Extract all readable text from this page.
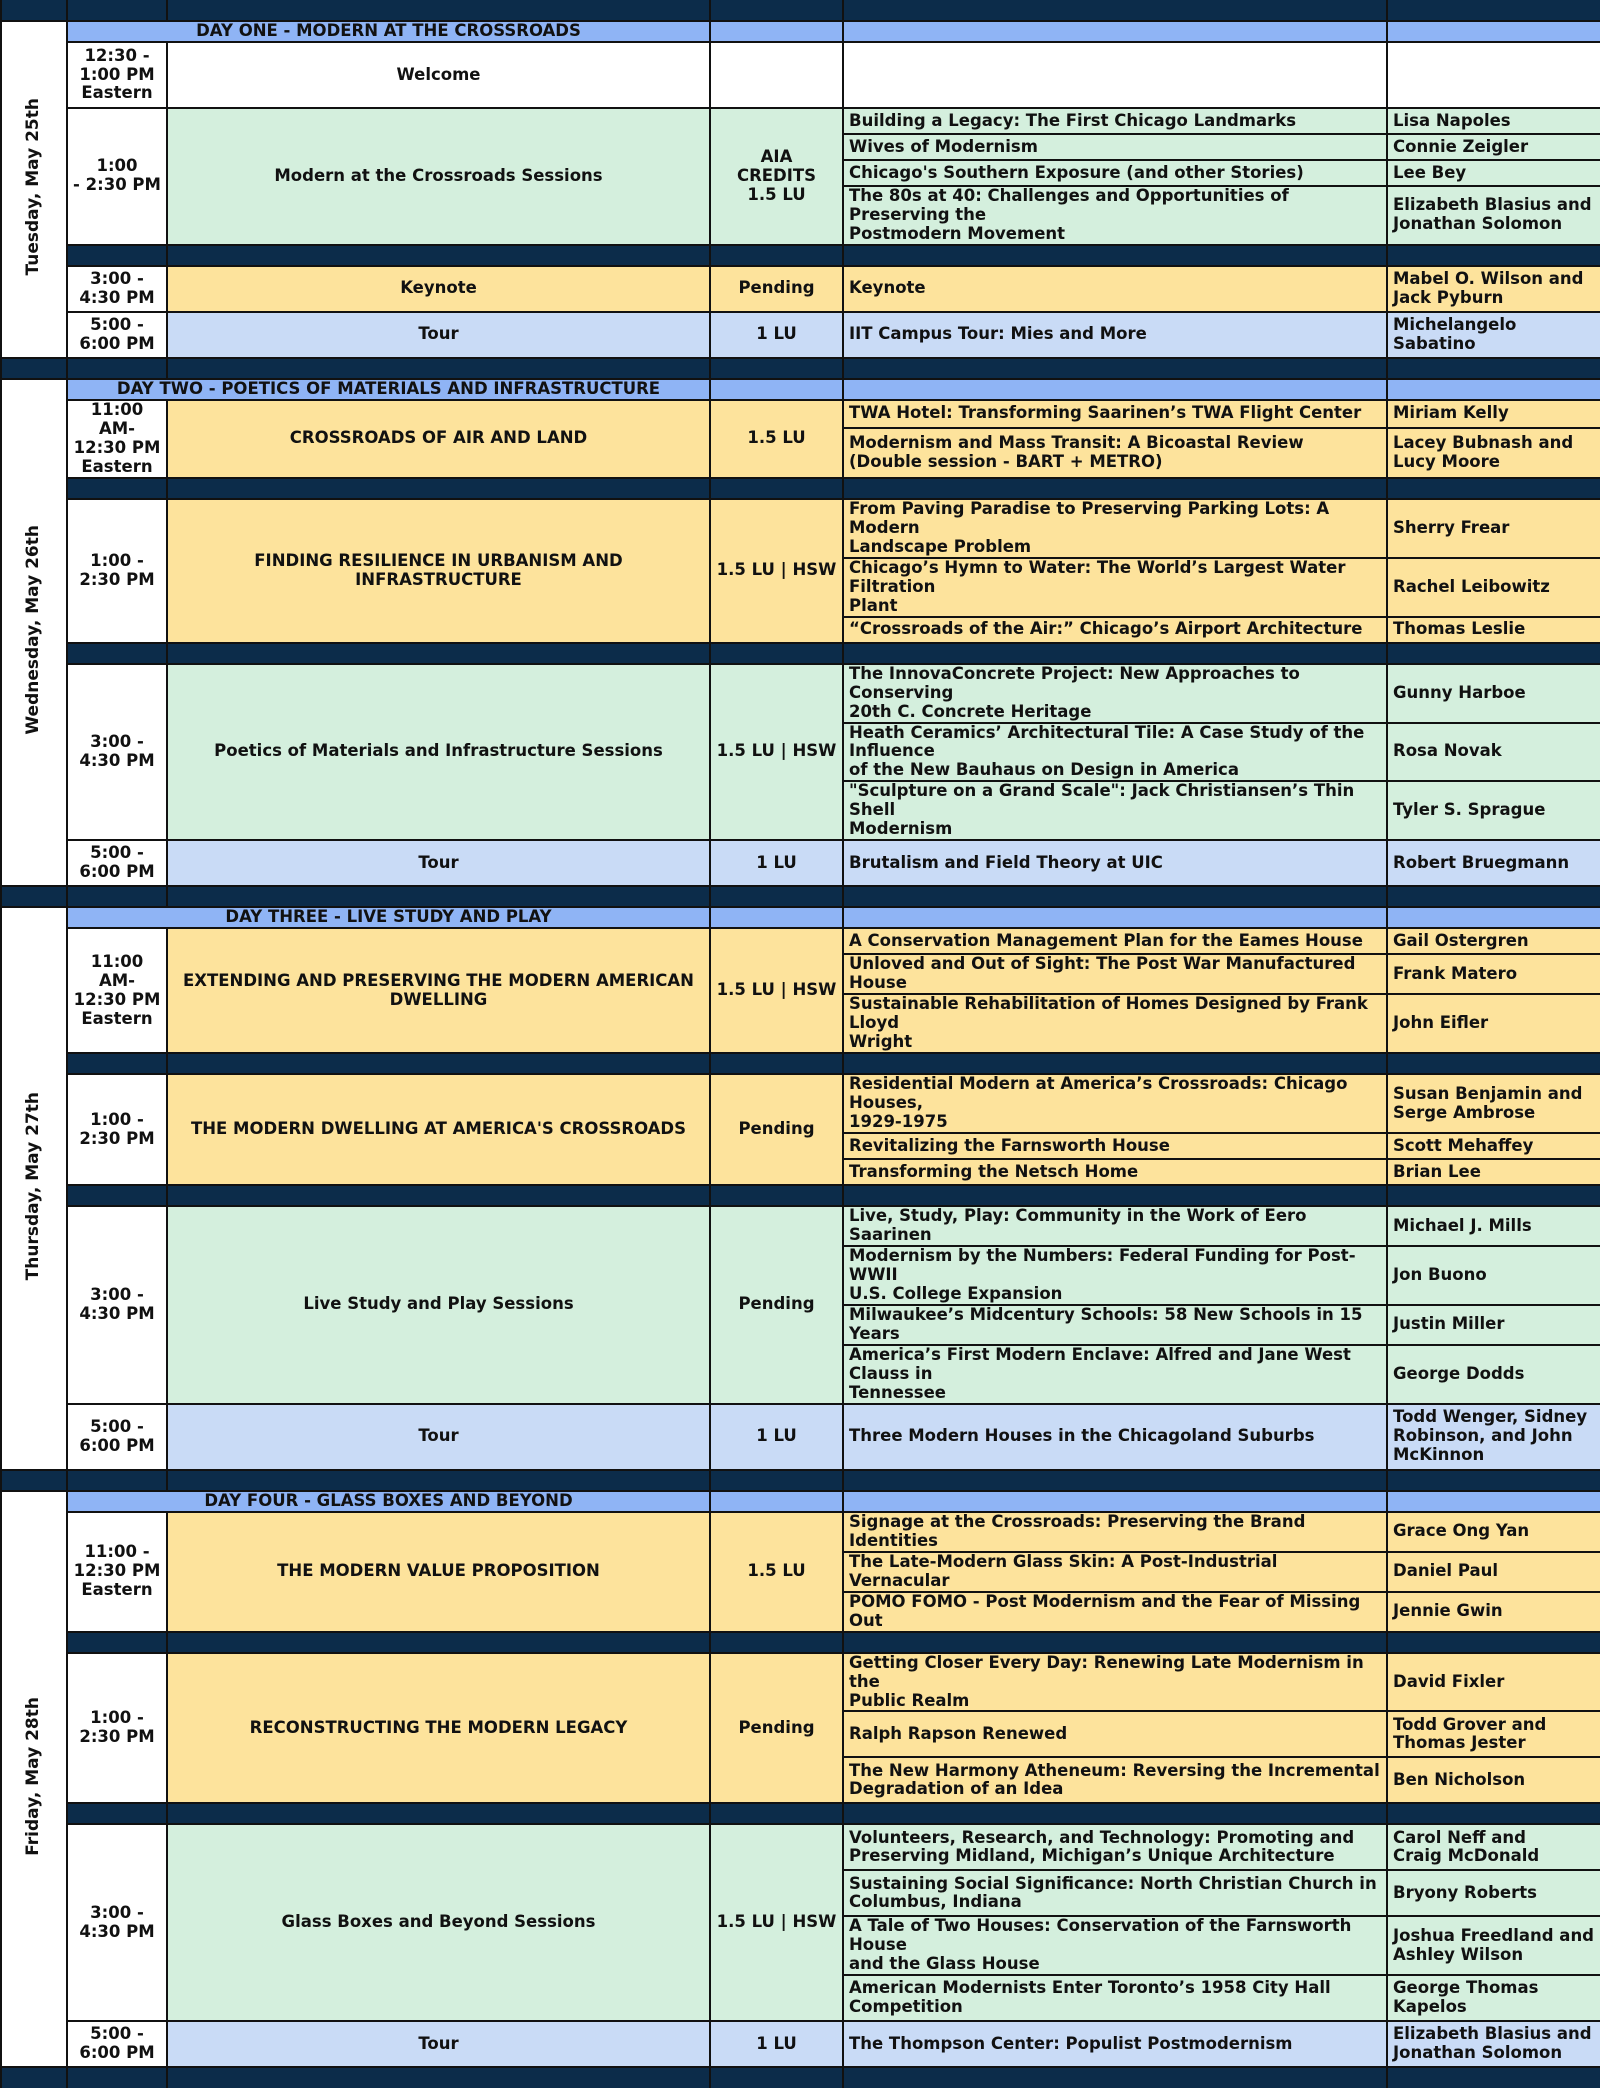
Tuesday, May 25th	DAY ONE - MODERN AT THE CROSSROADS				

	12:30 -
1:00 PM
Eastern	Welcome		

	1:00
- 2:30 PM	Modern at the Crossroads Sessions	AIA CREDITS 1.5 LU	Building a Legacy: The First Chicago Landmarks	Lisa Napoles
				Wives of Modernism	Connie Zeigler
				Chicago's Southern Exposure (and other Stories)	Lee Bey
				The 80s at 40: Challenges and Opportunities of Preserving the
Postmodern Movement	Elizabeth Blasius and
Jonathan Solomon

	3:00 -
4:30 PM	Keynote	Pending	Keynote	Mabel O. Wilson and
Jack Pyburn
	5:00 -
6:00 PM	Tour	1 LU	IIT Campus Tour: Mies and More	Michelangelo Sabatino

Wednesday, May 26th	DAY TWO - POETICS OF MATERIALS AND INFRASTRUCTURE				

	11:00 AM-
12:30 PM
Eastern	CROSSROADS OF AIR AND LAND	1.5 LU	TWA Hotel: Transforming Saarinen’s TWA Flight Center	Miriam Kelly
				Modernism and Mass Transit: A Bicoastal Review
(Double session - BART + METRO)	Lacey Bubnash and
Lucy Moore

	1:00 -
2:30 PM	FINDING RESILIENCE IN URBANISM AND INFRASTRUCTURE	1.5 LU | HSW	From Paving Paradise to Preserving Parking Lots: A Modern
Landscape Problem	Sherry Frear
				Chicago’s Hymn to Water: The World’s Largest Water Filtration
Plant	Rachel Leibowitz
				“Crossroads of the Air:” Chicago’s Airport Architecture	Thomas Leslie

	3:00 -
4:30 PM	Poetics of Materials and Infrastructure Sessions	1.5 LU | HSW	The InnovaConcrete Project: New Approaches to Conserving
20th C. Concrete Heritage	Gunny Harboe
				Heath Ceramics’ Architectural Tile: A Case Study of the Influence
of the New Bauhaus on Design in America	Rosa Novak
				"Sculpture on a Grand Scale": Jack Christiansen’s Thin Shell
Modernism	Tyler S. Sprague
	5:00 -
6:00 PM	Tour	1 LU	Brutalism and Field Theory at UIC	Robert Bruegmann

Thursday, May 27th	DAY THREE - LIVE STUDY AND PLAY				

	11:00 AM-
12:30 PM
Eastern	EXTENDING AND PRESERVING THE MODERN AMERICAN DWELLING	1.5 LU | HSW	A Conservation Management Plan for the Eames House	Gail Ostergren
				Unloved and Out of Sight: The Post War Manufactured House	Frank Matero
				Sustainable Rehabilitation of Homes Designed by Frank Lloyd
Wright	John Eifler

	1:00 -
2:30 PM	THE MODERN DWELLING AT AMERICA'S CROSSROADS	Pending	Residential Modern at America’s Crossroads: Chicago Houses,
1929-1975	Susan Benjamin and
Serge Ambrose
				Revitalizing the Farnsworth House	Scott Mehaffey
				Transforming the Netsch Home	Brian Lee

	3:00 -
4:30 PM	Live Study and Play Sessions	Pending	Live, Study, Play: Community in the Work of Eero Saarinen	Michael J. Mills
				Modernism by the Numbers: Federal Funding for Post-WWII
U.S. College Expansion	Jon Buono
				Milwaukee’s Midcentury Schools: 58 New Schools in 15 Years	Justin Miller
				America’s First Modern Enclave: Alfred and Jane West Clauss in
Tennessee	George Dodds
	5:00 -
6:00 PM	Tour	1 LU	Three Modern Houses in the Chicagoland Suburbs	Todd Wenger, Sidney
Robinson, and John
McKinnon

Friday, May 28th	DAY FOUR - GLASS BOXES AND BEYOND				

	11:00 -
12:30 PM
Eastern	THE MODERN VALUE PROPOSITION	1.5 LU	Signage at the Crossroads: Preserving the Brand Identities	Grace Ong Yan
				The Late-Modern Glass Skin: A Post-Industrial Vernacular	Daniel Paul
				POMO FOMO - Post Modernism and the Fear of Missing Out	Jennie Gwin

	1:00 -
2:30 PM	RECONSTRUCTING THE MODERN LEGACY	Pending	Getting Closer Every Day: Renewing Late Modernism in the
Public Realm	David Fixler
				Ralph Rapson Renewed	Todd Grover and
Thomas Jester
				The New Harmony Atheneum: Reversing the Incremental
Degradation of an Idea	Ben Nicholson

	3:00 -
4:30 PM	Glass Boxes and Beyond Sessions	1.5 LU | HSW	Volunteers, Research, and Technology: Promoting and
Preserving Midland, Michigan’s Unique Architecture	Carol Neff and
Craig McDonald
				Sustaining Social Significance: North Christian Church in
Columbus, Indiana	Bryony Roberts
				A Tale of Two Houses: Conservation of the Farnsworth House
and the Glass House	Joshua Freedland and
Ashley Wilson
				American Modernists Enter Toronto’s 1958 City Hall Competition	George Thomas
Kapelos
	5:00 -
6:00 PM	Tour	1 LU	The Thompson Center: Populist Postmodernism	Elizabeth Blasius and
Jonathan Solomon
